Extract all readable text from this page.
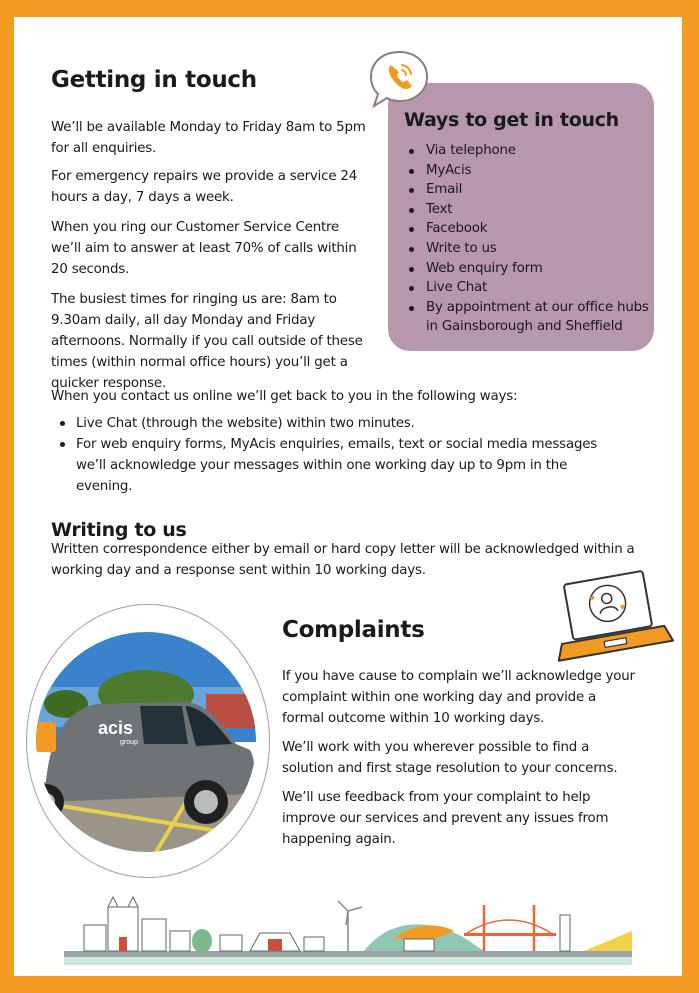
Getting in touch

We’ll be available Monday to Friday 8am to 5pm for all enquiries.

For emergency repairs we provide a service 24 hours a day, 7 days a week.

When you ring our Customer Service Centre we’ll aim to answer at least 70% of calls within 20 seconds.

The busiest times for ringing us are: 8am to 9.30am daily, all day Monday and Friday afternoons. Normally if you call outside of these times (within normal office hours) you’ll get a quicker response.

Ways to get in touch
Via telephone
MyAcis
Email
Text
Facebook
Write to us
Web enquiry form
Live Chat
By appointment at our office hubs in Gainsborough and Sheffield

When you contact us online we’ll get back to you in the following ways:

Live Chat (through the website) within two minutes.
For web enquiry forms, MyAcis enquiries, emails, text or social media messages we’ll acknowledge your messages within one working day up to 9pm in the evening.
Writing to us

Written correspondence either by email or hard copy letter will be acknowledged within a working day and a response sent within 10 working days.

acis
group
Complaints

If you have cause to complain we’ll acknowledge your complaint within one working day and provide a formal outcome within 10 working days.

We’ll work with you wherever possible to find a solution and first stage resolution to your concerns.

We’ll use feedback from your complaint to help improve our services and prevent any issues from happening again.
